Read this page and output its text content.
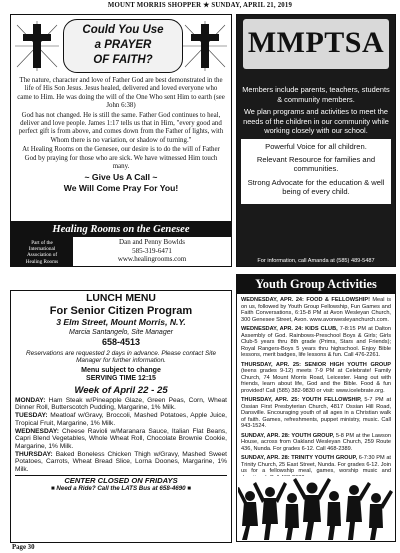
MOUNT MORRIS SHOPPER ★ SUNDAY, APRIL 21, 2019
Could You Use
a PRAYER
OF FAITH?

The nature, character and love of Father God are best demonstrated in the life of His Son Jesus. Jesus healed, delivered and loved everyone who came to Him. He was doing the will of the One Who sent Him to earth (see John 6:38)

God has not changed. He is still the same. Father God continues to heal, deliver and love people. James 1:17 tells us that in Him, "every good and perfect gift is from above, and comes down from the Father of lights, with Whom there is no variation, or shadow of turning."

At Healing Rooms on the Genesee, our desire is to do the will of Father God by praying for those who are sick. We have witnessed Him touch many.

~ Give Us A Call ~
We Will Come Pray For You!
Healing Rooms on the Genesee
Part of the
International
Association of
Healing Rooms
Dan and Penny Bowlds
585-319-6471
www.healingrooms.com
MMPTSA
Members include parents, teachers, students & community members.
We plan programs and activities to meet the needs of the children in our community while working closely with our school.

Powerful Voice for all children.

Relevant Resource for families and communities.

Strong Advocate for the education & well being of every child.

For information, call Amanda at (585) 489-5487
LUNCH MENU
For Senior Citizen Program
3 Elm Street, Mount Morris, N.Y.
Marcia Santangelo, Site Manager
658-4513
Reservations are requested 2 days in advance. Please contact Site Manager for further information.
Menu subject to change
SERVING TIME 12:15
Week of April 22 - 25
MONDAY: Ham Steak w/Pineapple Glaze, Green Peas, Corn, Wheat Dinner Roll, Butterscotch Pudding, Margarine, 1% Milk.
TUESDAY: Meatloaf w/Gravy, Broccoli, Mashed Potatoes, Apple Juice, Tropical Fruit, Margarine, 1% Milk.
WEDNESDAY: Cheese Ravioli w/Maranara Sauce, Italian Flat Beans, Capri Blend Vegetables, Whole Wheat Roll, Chocolate Brownie Cookie, Margarine, 1% Milk.
THURSDAY: Baked Boneless Chicken Thigh w/Gravy, Mashed Sweet Potatoes, Carrots, Wheat Bread Slice, Lorna Doones, Margarine, 1% Milk.
CENTER CLOSED ON FRIDAYS
■ Need a Ride? Call the LATS Bus at 658-4690 ■
Page 30
Youth Group Activities
WEDNESDAY, APR. 24: FOOD & FELLOWSHIP! Meal is on us, followed by Youth Group Fellowship, Fun Games and Faith Conversations, 6:15-8 PM at Avon Wesleyan Church, 300 Genesee Street, Avon. www.avonwesleyanchurch.com.
WEDNESDAY, APR. 24: KIDS CLUB, 7-8:15 PM at Dalton Assembly of God. Rainbows-Preschool Boys & Girls; Girls Club-5 years thru 8th grade (Prims, Stars and Friends); Royal Rangers-Boys 5 years thru highschool. Enjoy Bible lessons, merit badges, life lessons & fun. Call 476-2261.
THURSDAY, APR. 25: SENIOR HIGH YOUTH GROUP (teens grades 9-12) meets 7-9 PM at Celebrate! Family Church, 74 Mount Morris Road, Leicester. Hang out with friends, learn about life, God and the Bible. Food & fun provided! Call (585) 382-9830 or visit: www.icelebrate.org.
THURSDAY, APR. 25: YOUTH FELLOWSHIP, 5-7 PM at Ossian First Presbyterian Church, 4817 Ossian Hill Road, Dansville. Encouraging youth of all ages in a Christian walk of faith. Games, refreshments, puppet ministry, music. Call 943-1524.
SUNDAY, APR. 28: YOUTH GROUP, 5-8 PM at the Lawson House, across from Oakland Wesleyan Church, 259 Route 436, Nunda. For grades 6-12. Call 468-2389.
SUNDAY, APR. 28: TRINITY YOUTH GROUP, 6-7:30 PM at Trinity Church, 25 East Street, Nunda. For grades 6-12. Join us for a fellowship meal, games, worship music and
